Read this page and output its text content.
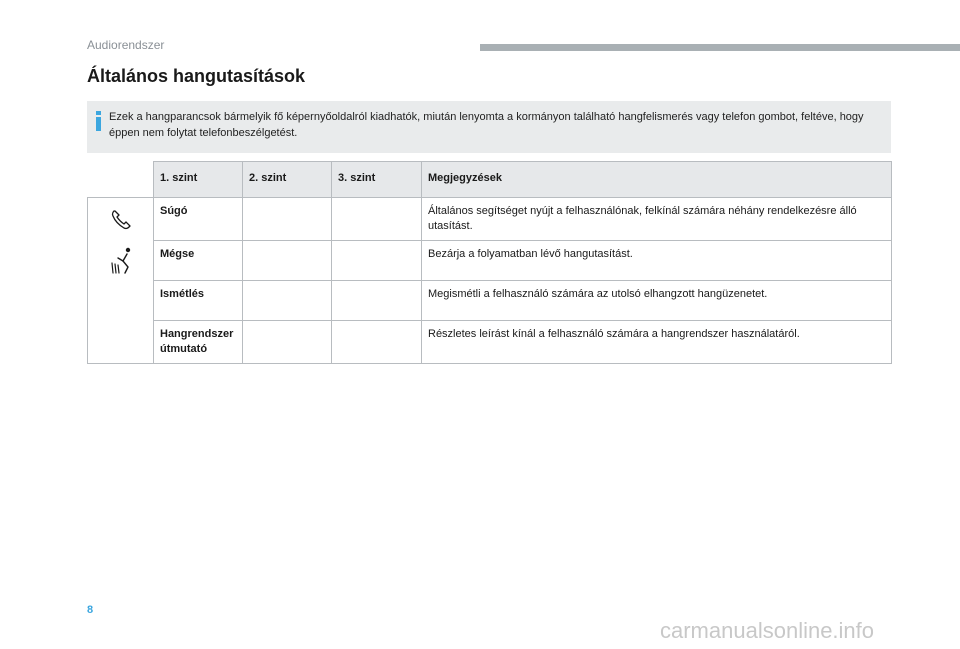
Audiorendszer
Általános hangutasítások
Ezek a hangparancsok bármelyik fő képernyőoldalról kiadhatók, miután lenyomta a kormányon található hangfelismerés vagy telefon gombot, feltéve, hogy éppen nem folytat telefonbeszélgetést.
	1. szint	2. szint	3. szint	Megjegyzések

	Súgó			Általános segítséget nyújt a felhasználónak, felkínál számára néhány rendelkezésre álló utasítást.
	Mégse			Bezárja a folyamatban lévő hangutasítást.
	Ismétlés			Megismétli a felhasználó számára az utolsó elhangzott hangüzenetet.
	Hangrendszer útmutató			Részletes leírást kínál a felhasználó számára a hangrendszer használatáról.
8
carmanualsonline.info
